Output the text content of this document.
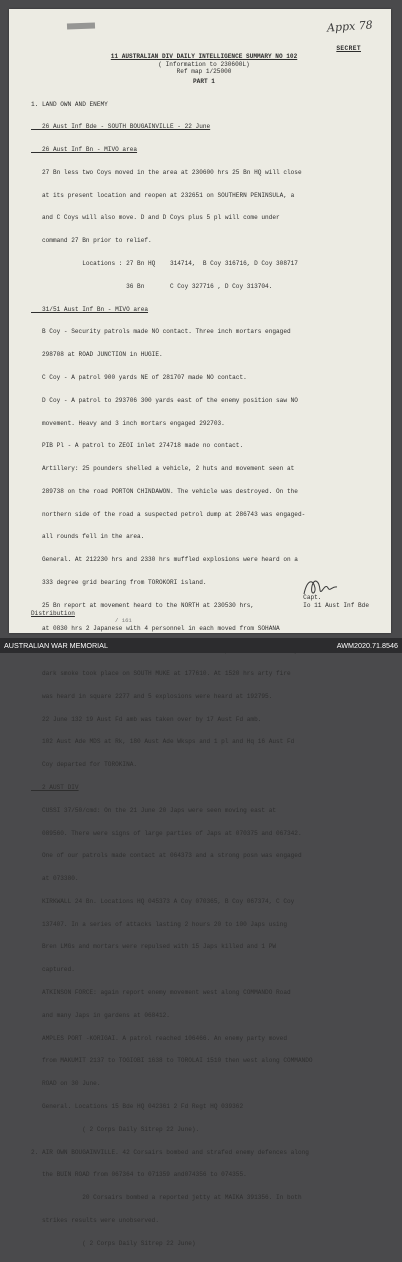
Appx 78
SECRET
11 AUSTRALIAN DIV DAILY INTELLIGENCE SUMMARY NO 102
( Information to 230600L)
Ref map 1/25000
PART 1

1. LAND OWN AND ENEMY

26 Aust Inf Bde - SOUTH BOUGAINVILLE - 22 June

26 Aust Inf Bn - MIVO area

27 Bn less two Coys moved in the area at 230600 hrs 25 Bn HQ will close

at its present location and reopen at 232651 on SOUTHERN PENINSULA, a

and C Coys will also move. D and D Coys plus 5 pl will come under

command 27 Bn prior to relief.

Locations : 27 Bn HQ    314714,  B Coy 316716, D Coy 308717

36 Bn       C Coy 327716 , D Coy 313704.

31/51 Aust Inf Bn - MIVO area

B Coy - Security patrols made NO contact. Three inch mortars engaged

298708 at ROAD JUNCTION in HUGIE.

C Coy - A patrol 900 yards NE of 281707 made NO contact.

D Coy - A patrol to 293706 300 yards east of the enemy position saw NO

movement. Heavy and 3 inch mortars engaged 292703.

PIB Pl - A patrol to ZEOI inlet 274718 made no contact.

Artillery: 25 pounders shelled a vehicle, 2 huts and movement seen at

289738 on the road PORTON CHINDAWON. The vehicle was destroyed. On the

northern side of the road a suspected petrol dump at 286743 was engaged-

all rounds fell in the area.

General. At 212230 hrs and 2330 hrs muffled explosions were heard on a

333 degree grid bearing from TOROKORI island.

25 Bn report at movement heard to the NORTH at 230530 hrs,

at 0830 hrs 2 Japanese with 4 personnel in each moved from SOHANA

dark smoke took place on SOUTH MUKE at 177610. At 1520 hrs arty fire

was heard in square 2277 and 5 explosions were heard at 192795.

22 June 132 19 Aust Fd amb was taken over by 17 Aust Fd amb.

102 Aust Ade MDS at Rk, 180 Aust Ade Wksps and 1 pl and Hq 16 Aust Fd

Coy departed for TOROKINA.

2 AUST DIV

CUSSI 37/50/cmd: On the 21 June 20 Japs were seen moving east at

089560. There were signs of large parties of Japs at 070375 and 067342.

One of our patrols made contact at 064373 and a strong posn was engaged

at 073380.

KIRKWALL 24 Bn. Locations HQ 045373 A Coy 070365, B Coy 067374, C Coy

137407. In a series of attacks lasting 2 hours 20 to 100 Japs using

Bren LMGs and mortars were repulsed with 15 Japs killed and 1 PW

captured.

ATKINSON FORCE: again report enemy movement west along COMMANDO Road

and many Japs in gardens at 068412.

AMPLES PORT -KORIGAI. A patrol reached 106466. An enemy party moved

from MAKUMIT 2137 to TOGIOBI 1638 to TOROLAI 1510 then west along COMMANDO

ROAD on 30 June.

General. Locations 15 Bde HQ 042361 2 Fd Regt HQ 039362

( 2 Corps Daily Sitrep 22 June).

2. AIR OWN BOUGAINVILLE. 42 Corsairs bombed and strafed enemy defences along

the BUIN ROAD from 067364 to 071359 and074356 to 074355.

20 Corsairs bombed a reported jetty at MAIKA 391356. In both

strikes results were unobserved.

( 2 Corps Daily Sitrep 22 June)

Capt.
Io 11 Aust Inf Bde
Distribution
/ 161
AUSTRALIAN WAR MEMORIAL	AWM2020.71.8546
